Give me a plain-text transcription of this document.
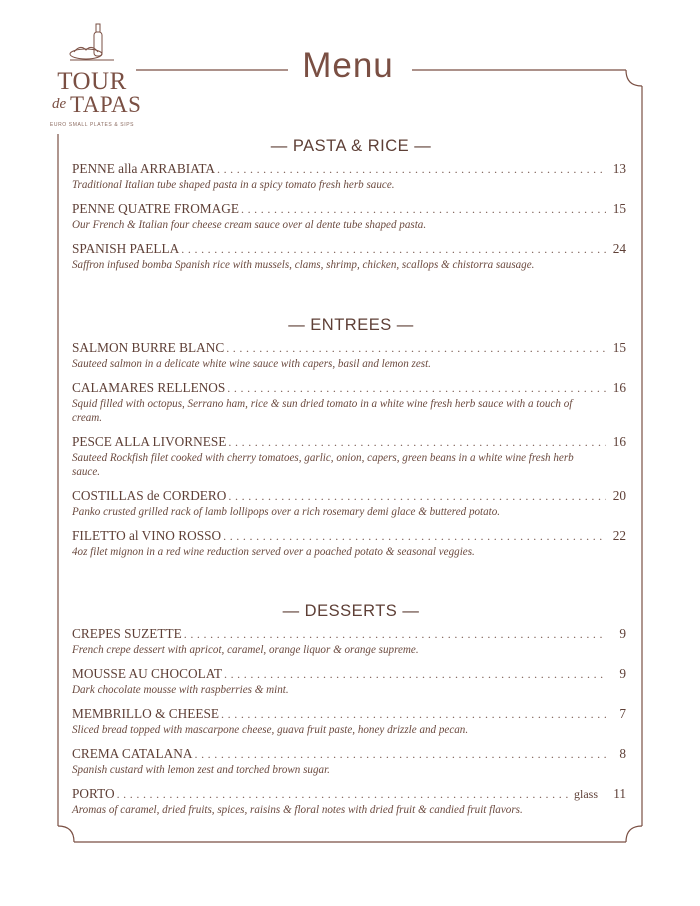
TOUR
de TAPAS
EURO SMALL PLATES & SIPS
Menu
— PASTA & RICE —
PENNE alla ARRABIATA . . .	13
Traditional Italian tube shaped pasta in a spicy tomato fresh herb sauce.
PENNE QUATRE FROMAGE . . .	15
Our French & Italian four cheese cream sauce over al dente tube shaped pasta.
SPANISH PAELLA . . .	24
Saffron infused bomba Spanish rice with mussels, clams, shrimp, chicken, scallops & chistorra sausage.
— ENTREES —
SALMON BURRE BLANC . . .	15
Sauteed salmon in a delicate white wine sauce with capers, basil and lemon zest.
CALAMARES RELLENOS . . .	16
Squid filled with octopus, Serrano ham, rice & sun dried tomato in a white wine fresh herb sauce with a touch of cream.
PESCE ALLA LIVORNESE . . .	16
Sauteed Rockfish filet cooked with cherry tomatoes, garlic, onion, capers, green beans in a white wine fresh herb sauce.
COSTILLAS de CORDERO . . .	20
Panko crusted grilled rack of lamb lollipops over a rich rosemary demi glace & buttered potato.
FILETTO al VINO ROSSO . . .	22
4oz filet mignon in a red wine reduction served over a poached potato & seasonal veggies.
— DESSERTS —
CREPES SUZETTE . . .	9
French crepe dessert with apricot, caramel, orange liquor & orange supreme.
MOUSSE AU CHOCOLAT . . .	9
Dark chocolate mousse with raspberries & mint.
MEMBRILLO & CHEESE . . .	7
Sliced bread topped with mascarpone cheese, guava fruit paste, honey drizzle and pecan.
CREMA CATALANA . . .	8
Spanish custard with lemon zest and torched brown sugar.
PORTO . . .	glass 11
Aromas of caramel, dried fruits, spices, raisins & floral notes with dried fruit & candied fruit flavors.
